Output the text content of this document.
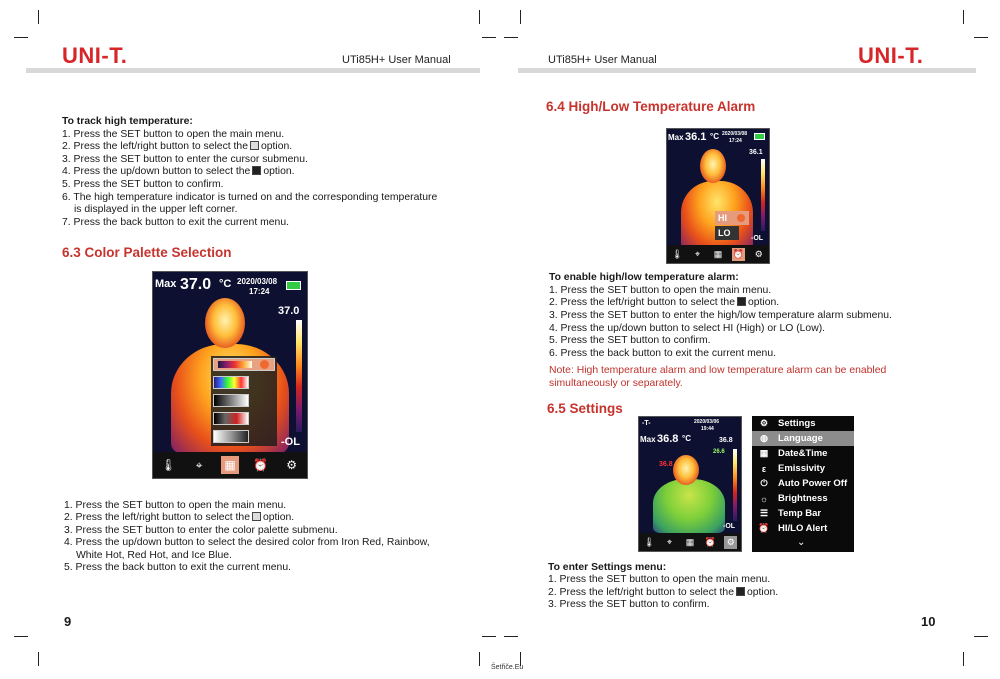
UNI-T.	UTi85H+ User Manual	UTi85H+ User Manual	UNI-T.
To track high temperature:
1. Press the SET button to open the main menu.
2. Press the left/right button to select the option.
3. Press the SET button to enter the cursor submenu.
4. Press the up/down button to select the option.
5. Press the SET button to confirm.
6. The high temperature indicator is turned on and the corresponding temperature
is displayed in the upper left corner.
7. Press the back button to exit the current menu.
6.3 Color Palette Selection
Max 37.0 °C 2020/03/08
17:24
37.0
-OL
🌡	⌖	▦ ⏰	⚙
1. Press the SET button to open the main menu.
2. Press the left/right button to select the option.
3. Press the SET button to enter the color palette submenu.
4. Press the up/down button to select the desired color from Iron Red, Rainbow,
White Hot, Red Hot, and Ice Blue.
5. Press the back button to exit the current menu.
9
6.4 High/Low Temperature Alarm
Max 36.1 °C 2020/03/08
17:24
36.1
-OL
HI
LO
🌡	⌖	▦ ⏰ ⚙
To enable high/low temperature alarm:
1. Press the SET button to open the main menu.
2. Press the left/right button to select the option.
3. Press the SET button to enter the high/low temperature alarm submenu.
4. Press the up/down button to select HI (High) or LO (Low).
5. Press the SET button to confirm.
6. Press the back button to exit the current menu.
Note: High temperature alarm and low temperature alarm can be enabled
simultaneously or separately.
6.5 Settings
-T-	2020/03/06
19:44
Max 36.8 °C	36.8
26.6
36.8
-OL
🌡	⌖	▦ ⏰ ⚙
⚙ Settings
◍ Language
▦ Date&Time
ε	Emissivity
⏻ Auto Power Off
☼ Brightness
☰ Temp Bar
⏰ HI/LO Alert
⌄
To enter Settings menu:
1. Press the SET button to open the main menu.
2. Press the left/right button to select the option.
3. Press the SET button to confirm.
10
Šetřiče.Eu
